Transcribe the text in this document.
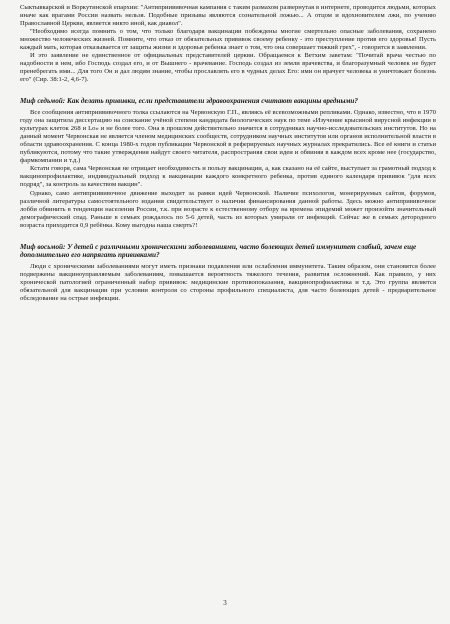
Сыктывкарской и Воркутинской епархии: "Антиприививочная кампания с таким размахом развернутая в интернете, проводится людьми, которых иначе как врагами России назвать нельзя. Подобные призывы являются сознательной ложью... А отцом и вдохновителем лжи, по учению Православной Церкви, является никто иной, как диавол".

"Необходимо всегда помнить о том, что только благодаря вакцинации побеждены многие смертельно опасные заболевания, сохранено множество человеческих жизней. Помните, что отказ от обязательных прививок своему ребенку - это преступление против его здоровья! Пусть каждый мать, которая отказывается от защиты жизни и здоровья ребенка знает о том, что она совершает тяжкий грех", - говорится в заявлении.

И это заявление не единственное от официальных представителей церкви. Обращаемся к Ветхим заветам: "Почитай врача честью по надобности в нем, ибо Господь создал его, и от Вышнего - врачевание. Господь создал из земли врачевства, и благоразумный человек не будет пренебрегать ими... Для того Он и дал людям знание, чтобы прославлять его в чудных делах Его: ими он врачует человека и уничтожает болезнь его" (Сир. 38:1-2, 4,6-7).

Миф седьмой: Как делать прививки, если представители здравоохранения считают вакцины вредными?

Все сообщения антиприививочного толка ссылаются на Червонскую Г.П., являясь её всевозможными репликами. Однако, известно, что в 1970 году она защитила диссертацию на соискание учёной степени кандидата биологических наук по теме «Изучение крысиной вирусной инфекции в культурах клеток 268 и Lo» и не более того. Она в прошлом действительно значится в сотрудниках научно-исследовательских институтов. Но на данный момент Червонская не является членом медицинских сообществ, сотрудником научных институтов или органов исполнительной власти в области здравоохранения. С конца 1980-х годов публикации Червонской в реферируемых научных журналах прекратились. Все её книги и статьи публикуются, потому что такие утверждения найдут своего читателя, распространяя свои идеи и обвиняя в каждом всех кроме нее (государство, фармкомпании и т.д.)

Кстати говоря, сама Червонская не отрицает необходимость и пользу вакцинации, а, как сказано на её сайте, выступает за грамотный подход к вакцинопрофилактике, индивидуальный подход к вакцинации каждого конкретного ребенка, против единого календаря прививок "для всех подряд", за контроль за качеством вакцин".

Однако, само антиприививочное движение выходит за рамки идей Червонской. Наличие психологов, монерируемых сайтов, форумов, различной литературы самостоятельного издания свидетельствует о наличии финансирования данной работы. Здесь можно антипрививочное лобби обвинить в тенденции населения России, т.к. при возрасте к естественному отбору на времена эпидемий может произойти значительный демографический спад. Раньше в семьях рождалось по 5-6 детей, часть из которых умирали от инфекций. Сейчас же в семьях детородного возраста приходится 0,9 ребёнка. Кому выгодна наша смерть?!

Миф восьмой: У детей с различными хроническими заболеваниями, часто болеющих детей иммунитет слабый, зачем еще дополнительно его напрягать прививками?

Люди с хроническими заболеваниями могут иметь признаки подавления или ослабления иммунитета. Таким образом, они становятся более подвержены вакциноуправляемым заболеваниям, повышается вероятность тяжелого течения, развития осложнений. Как правило, у них хронической патологией ограниченный набор прививок: медицинские противопоказания, вакцинопрофилактика и т.д. Это группа является обязательной для вакцинации при условии контроля со стороны профильного специалиста, для часто болеющих детей - предварительное обследование на острые инфекции.

3
